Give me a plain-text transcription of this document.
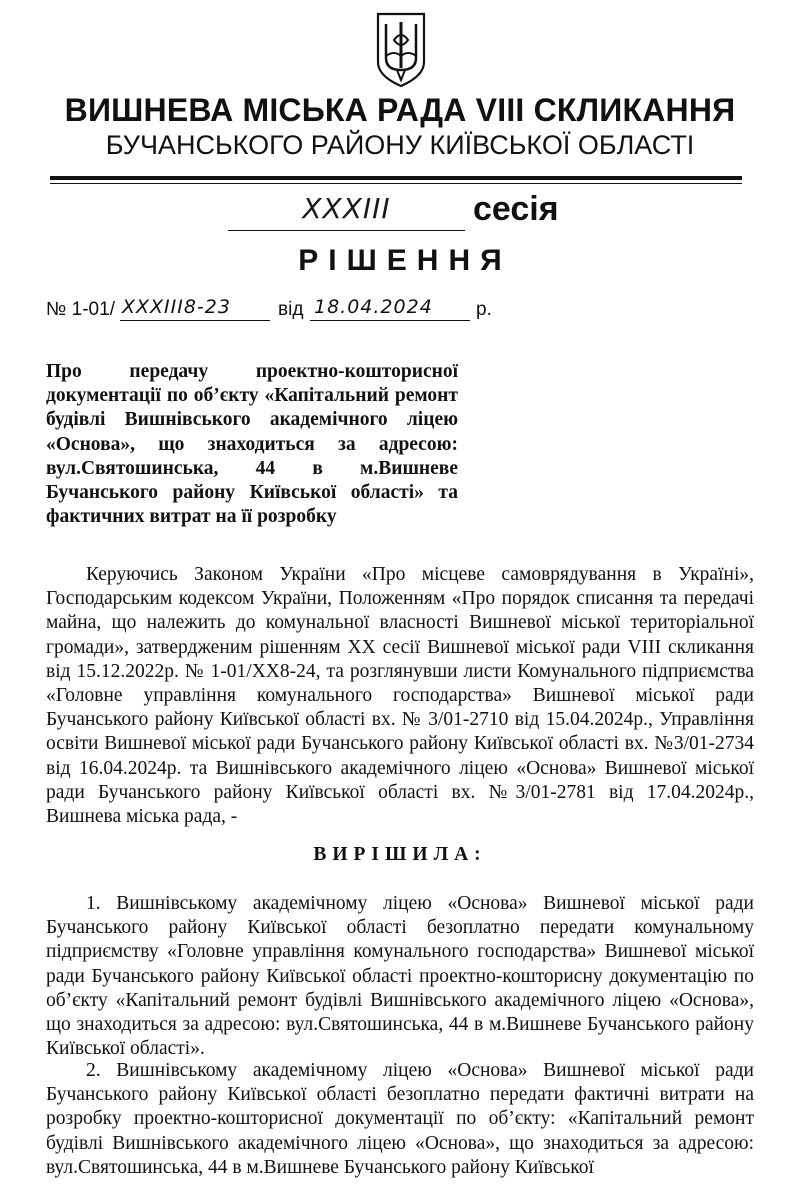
ВИШНЕВА МІСЬКА РАДА VIII СКЛИКАННЯ
БУЧАНСЬКОГО РАЙОНУ КИЇВСЬКОЇ ОБЛАСТІ
XXXIII	сесія
РІШЕННЯ
№ 1-01/ XXXIII8-23 від 18.04.2024 р.
Про передачу проектно-кошторисної документації по об’єкту «Капітальний ремонт будівлі Вишнівського академічного ліцею «Основа», що знаходиться за адресою: вул.Святошинська, 44 в м.Вишневе Бучанського району Київської області» та фактичних витрат на її розробку
Керуючись Законом України «Про місцеве самоврядування в Україні», Господарським кодексом України, Положенням «Про порядок списання та передачі майна, що належить до комунальної власності Вишневої міської територіальної громади», затвердженим рішенням XX сесії Вишневої міської ради VIII скликання від 15.12.2022р. № 1-01/XX8-24, та розглянувши листи Комунального підприємства «Головне управління комунального господарства» Вишневої міської ради Бучанського району Київської області вх. № 3/01-2710 від 15.04.2024р., Управління освіти Вишневої міської ради Бучанського району Київської області вх. №3/01-2734 від 16.04.2024р. та Вишнівського академічного ліцею «Основа» Вишневої міської ради Бучанського району Київської області вх. №3/01-2781 від 17.04.2024р., Вишнева міська рада, -
ВИРІШИЛА:
1. Вишнівському академічному ліцею «Основа» Вишневої міської ради Бучанського району Київської області безоплатно передати комунальному підприємству «Головне управління комунального господарства» Вишневої міської ради Бучанського району Київської області проектно-кошторисну документацію по об’єкту «Капітальний ремонт будівлі Вишнівського академічного ліцею «Основа», що знаходиться за адресою: вул.Святошинська, 44 в м.Вишневе Бучанського району Київської області».
2. Вишнівському академічному ліцею «Основа» Вишневої міської ради Бучанського району Київської області безоплатно передати фактичні витрати на розробку проектно-кошторисної документації по об’єкту: «Капітальний ремонт будівлі Вишнівського академічного ліцею «Основа», що знаходиться за адресою: вул.Святошинська, 44 в м.Вишневе Бучанського району Київської
